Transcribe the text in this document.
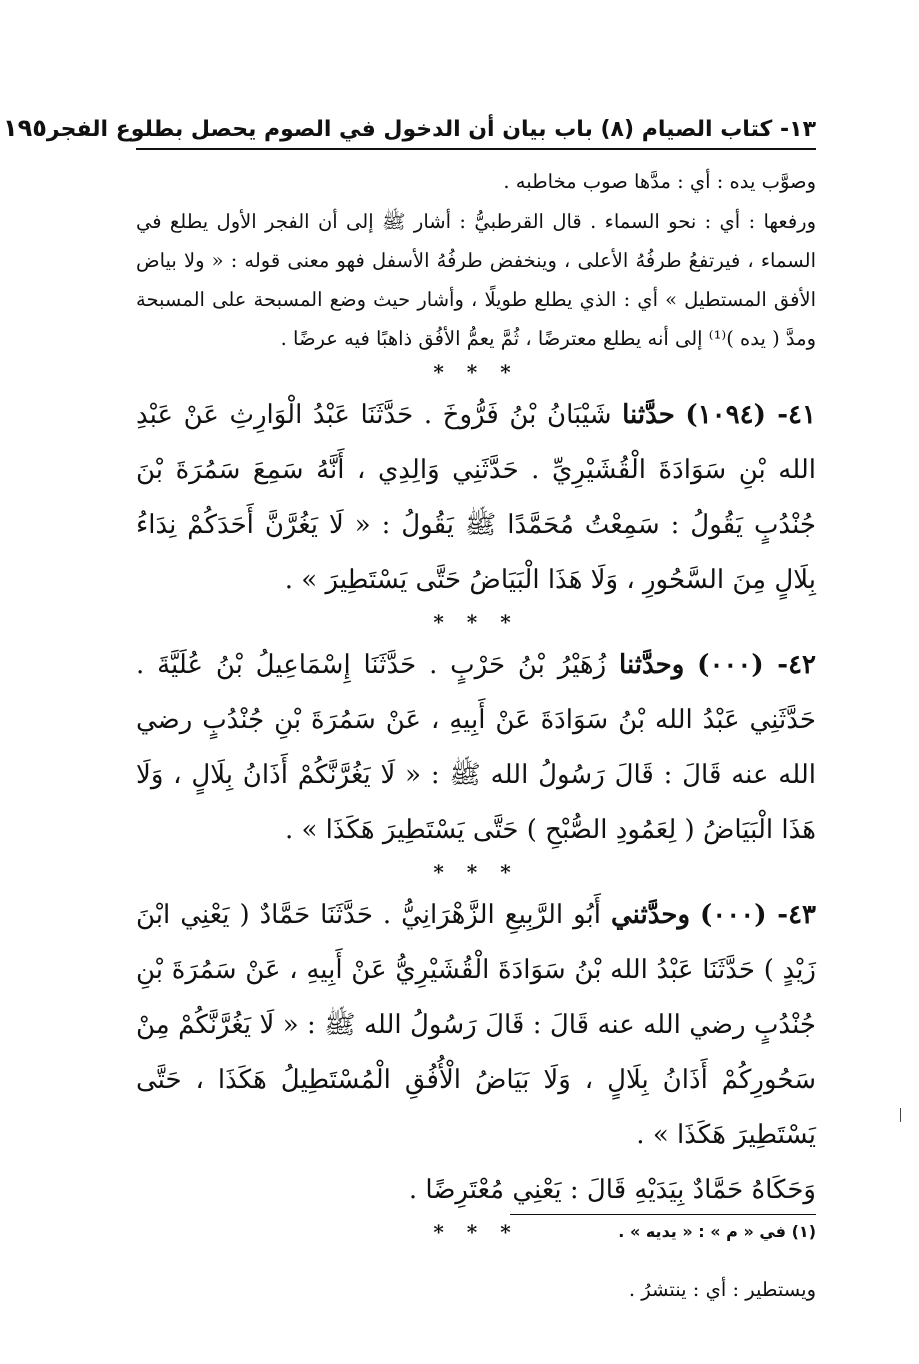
١٣- كتاب الصيام (٨) باب بيان أن الدخول في الصوم يحصل بطلوع الفجر
١٩٥

وصوَّب يده : أي : مدَّها صوب مخاطبه .

ورفعها : أي : نحو السماء . قال القرطبيُّ : أشار ﷺ إلى أن الفجر الأول يطلع في السماء ، فيرتفعُ طرفُهُ الأعلى ، وينخفض طرفُهُ الأسفل فهو معنى قوله : « ولا بياض الأفق المستطيل » أي : الذي يطلع طويلًا ، وأشار حيث وضع المسبحة على المسبحة ومدَّ ( يده )⁽¹⁾ إلى أنه يطلع معترضًا ، ثُمَّ يعمُّ الأفُق ذاهبًا فيه عرضًا .

* * *

٤١- (١٠٩٤) حدَّثنا شَيْبَانُ بْنُ فَرُّوخَ . حَدَّثَنَا عَبْدُ الْوَارِثِ عَنْ عَبْدِ الله بْنِ سَوَادَةَ الْقُشَيْرِيِّ . حَدَّثَنِي وَالِدِي ، أَنَّهُ سَمِعَ سَمُرَةَ بْنَ جُنْدُبٍ يَقُولُ : سَمِعْتُ مُحَمَّدًا ﷺ يَقُولُ : « لَا يَغُرَّنَّ أَحَدَكُمْ نِدَاءُ بِلَالٍ مِنَ السَّحُورِ ، وَلَا هَذَا الْبَيَاضُ حَتَّى يَسْتَطِيرَ » .

* * *

٤٢- (٠٠٠) وحدَّثنا زُهَيْرُ بْنُ حَرْبٍ . حَدَّثَنَا إِسْمَاعِيلُ بْنُ عُلَيَّةَ . حَدَّثَنِي عَبْدُ الله بْنُ سَوَادَةَ عَنْ أَبِيهِ ، عَنْ سَمُرَةَ بْنِ جُنْدُبٍ رضي الله عنه قَالَ : قَالَ رَسُولُ الله ﷺ : « لَا يَغُرَّنَّكُمْ أَذَانُ بِلَالٍ ، وَلَا هَذَا الْبَيَاضُ ( لِعَمُودِ الصُّبْحِ ) حَتَّى يَسْتَطِيرَ هَكَذَا » .

* * *

٤٣- (٠٠٠) وحدَّثني أَبُو الرَّبِيعِ الزَّهْرَانِيُّ . حَدَّثَنَا حَمَّادٌ ( يَعْنِي ابْنَ زَيْدٍ ) حَدَّثَنَا عَبْدُ الله بْنُ سَوَادَةَ الْقُشَيْرِيُّ عَنْ أَبِيهِ ، عَنْ سَمُرَةَ بْنِ جُنْدُبٍ رضي الله عنه قَالَ : قَالَ رَسُولُ الله ﷺ : « لَا يَغُرَّنَّكُمْ مِنْ سَحُورِكُمْ أَذَانُ بِلَالٍ ، وَلَا بَيَاضُ الْأُفُقِ الْمُسْتَطِيلُ هَكَذَا ، حَتَّى يَسْتَطِيرَ هَكَذَا » .

وَحَكَاهُ حَمَّادٌ بِيَدَيْهِ قَالَ : يَعْنِي مُعْتَرِضًا .

* * *

ويستطير : أي : ينتشرُ .

(١) في « م » : « يديه » .
